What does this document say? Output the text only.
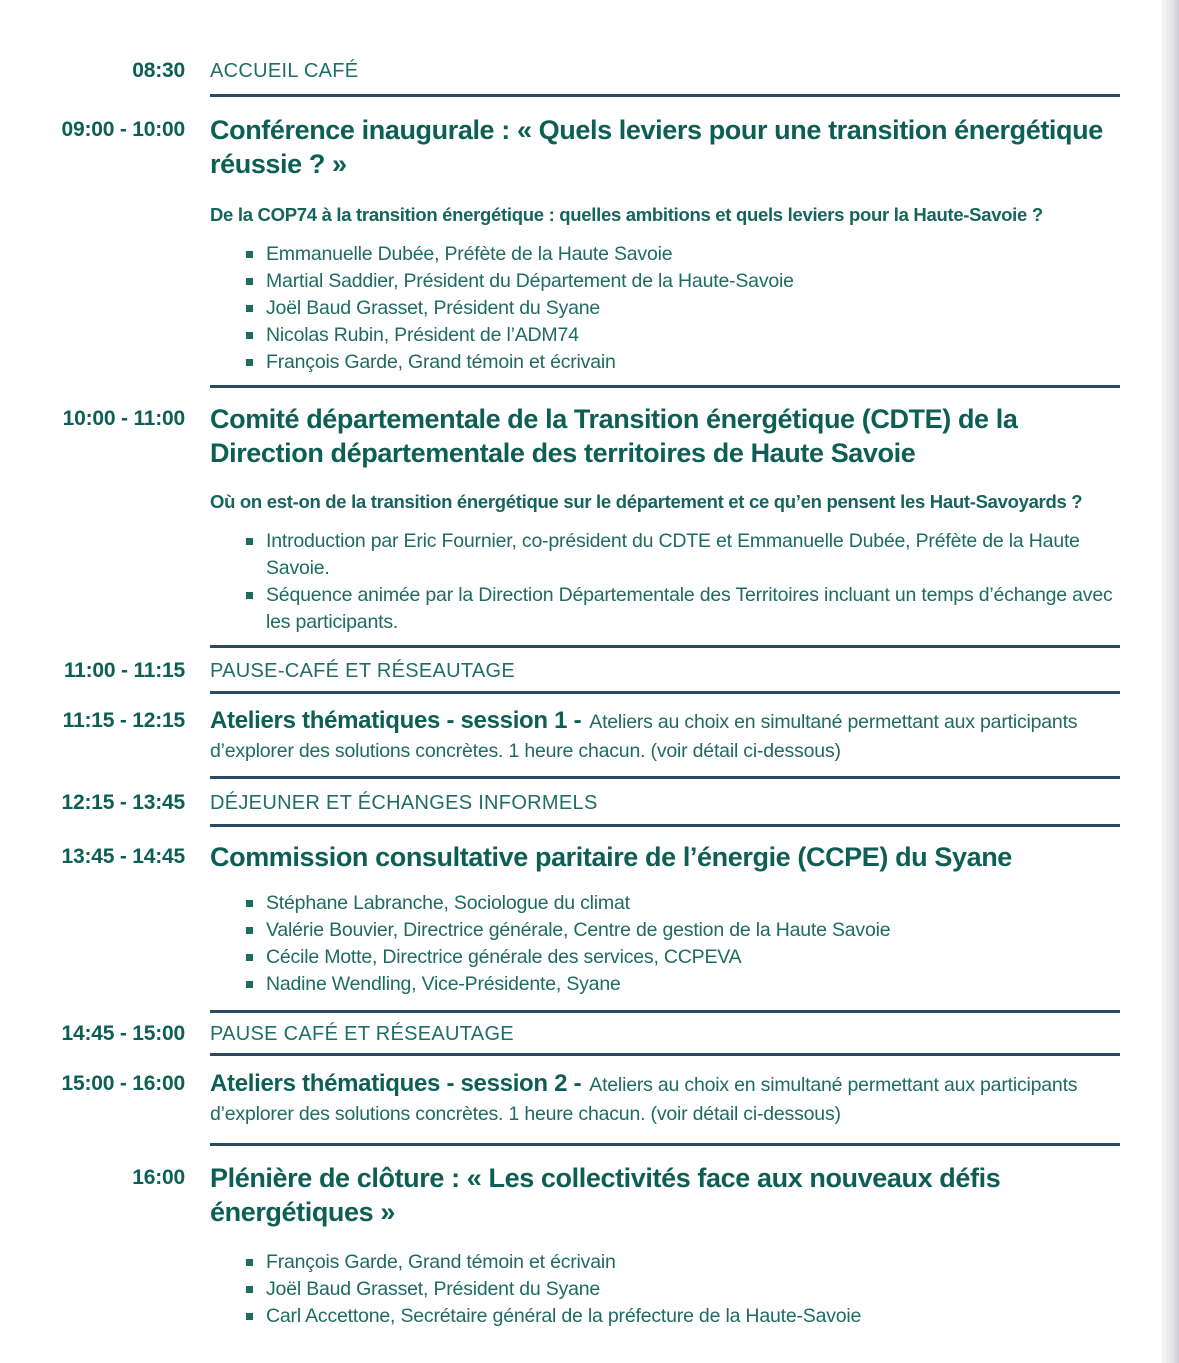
08:30 ACCUEIL CAFÉ
09:00 - 10:00 Conférence inaugurale : « Quels leviers pour une transition énergétique réussie ? »

De la COP74 à la transition énergétique : quelles ambitions et quels leviers pour la Haute-Savoie ?

Emmanuelle Dubée, Préfète de la Haute Savoie
Martial Saddier, Président du Département de la Haute-Savoie
Joël Baud Grasset, Président du Syane
Nicolas Rubin, Président de l’ADM74
François Garde, Grand témoin et écrivain
10:00 - 11:00 Comité départementale de la Transition énergétique (CDTE) de la Direction départementale des territoires de Haute Savoie

Où on est-on de la transition énergétique sur le département et ce qu’en pensent les Haut-Savoyards ?

Introduction par Eric Fournier, co-président du CDTE et Emmanuelle Dubée, Préfète de la Haute Savoie.
Séquence animée par la Direction Départementale des Territoires incluant un temps d’échange avec les participants.
11:00 - 11:15 PAUSE-CAFÉ ET RÉSEAUTAGE
11:15 - 12:15 Ateliers thématiques - session 1 - Ateliers au choix en simultané permettant aux participants d’explorer des solutions concrètes. 1 heure chacun. (voir détail ci-dessous)

12:15 - 13:45 DÉJEUNER ET ÉCHANGES INFORMELS
13:45 - 14:45 Commission consultative paritaire de l’énergie (CCPE) du Syane

Stéphane Labranche, Sociologue du climat
Valérie Bouvier, Directrice générale, Centre de gestion de la Haute Savoie
Cécile Motte, Directrice générale des services, CCPEVA
Nadine Wendling, Vice-Présidente, Syane
14:45 - 15:00 PAUSE CAFÉ ET RÉSEAUTAGE
15:00 - 16:00 Ateliers thématiques - session 2 - Ateliers au choix en simultané permettant aux participants d’explorer des solutions concrètes. 1 heure chacun. (voir détail ci-dessous)

16:00 Plénière de clôture : « Les collectivités face aux nouveaux défis énergétiques »

François Garde, Grand témoin et écrivain
Joël Baud Grasset, Président du Syane
Carl Accettone, Secrétaire général de la préfecture de la Haute-Savoie
